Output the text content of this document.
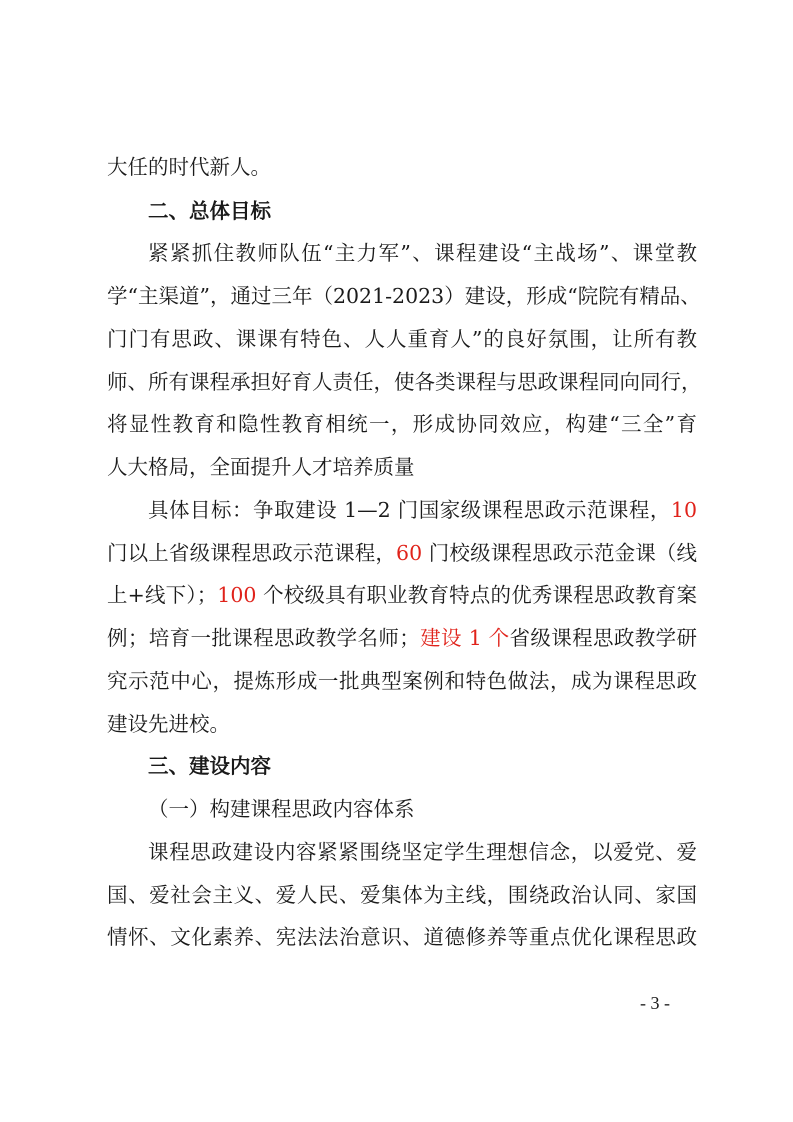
大任的时代新人。
二、总体目标
紧紧抓住教师队伍“主力军”、课程建设“主战场”、课堂教
学“主渠道”，通过三年（2021-2023）建设，形成“院院有精品、
门门有思政、课课有特色、人人重育人”的良好氛围，让所有教
师、所有课程承担好育人责任，使各类课程与思政课程同向同行，
将显性教育和隐性教育相统一，形成协同效应，构建“三全”育
人大格局，全面提升人才培养质量
具体目标：争取建设 1—2 门国家级课程思政示范课程，10
门以上省级课程思政示范课程，60 门校级课程思政示范金课（线
上+线下）；100 个校级具有职业教育特点的优秀课程思政教育案
例；培育一批课程思政教学名师；建设 1 个省级课程思政教学研
究示范中心，提炼形成一批典型案例和特色做法，成为课程思政
建设先进校。
三、建设内容
（一）构建课程思政内容体系
课程思政建设内容紧紧围绕坚定学生理想信念，以爱党、爱
国、爱社会主义、爱人民、爱集体为主线，围绕政治认同、家国
情怀、文化素养、宪法法治意识、道德修养等重点优化课程思政
- 3 -
